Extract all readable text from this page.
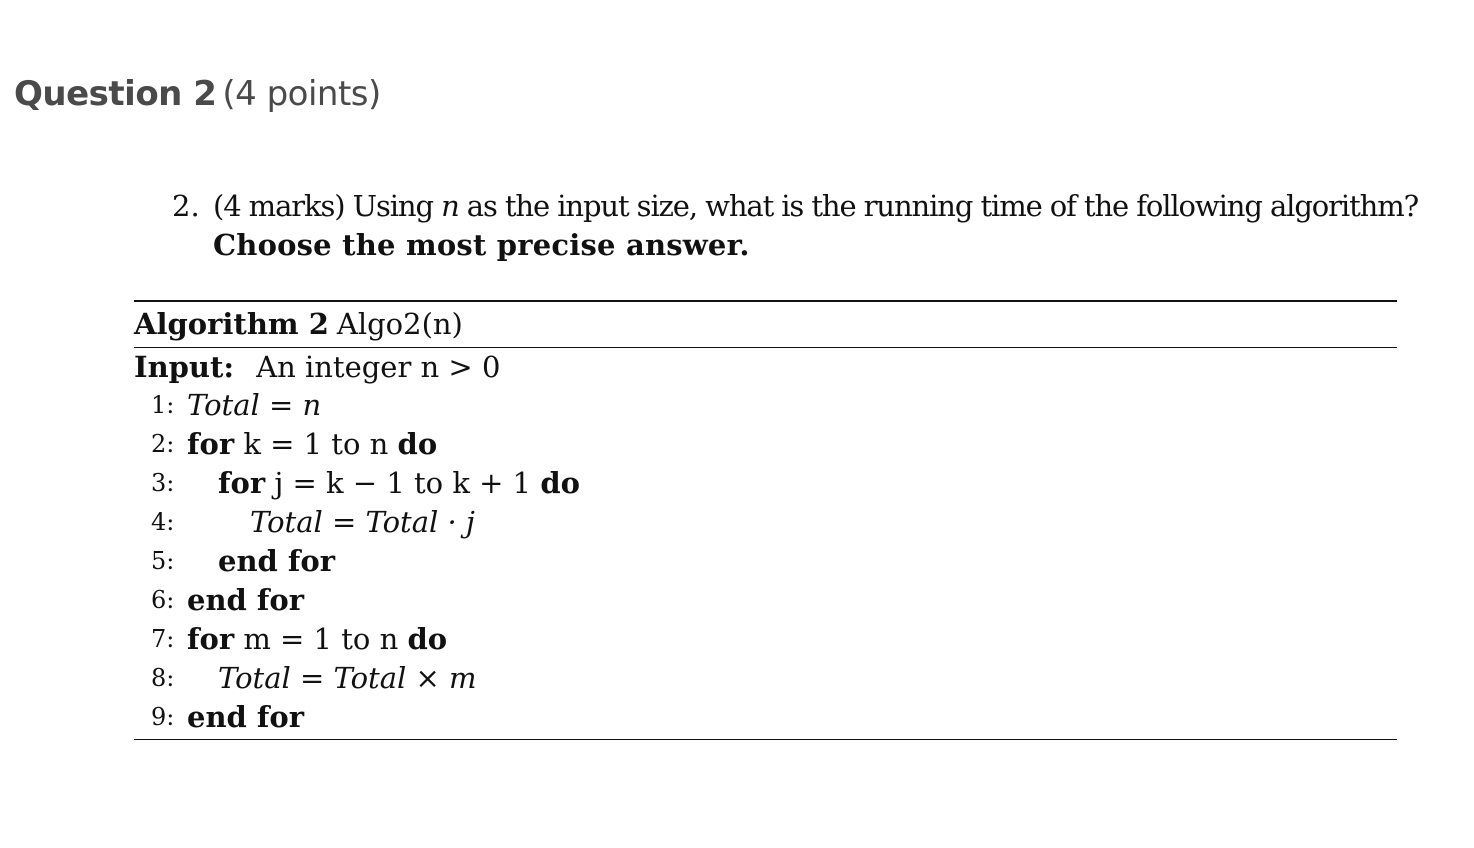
Question 2 (4 points)
2. (4 marks) Using n as the input size, what is the running time of the following algorithm?
Choose the most precise answer.
Algorithm 2 Algo2(n)
Input: An integer n > 0
1: Total = n
2: for k = 1 to n do
3: for j = k − 1 to k + 1 do
4:	Total = Total · j
5: end for
6: end for
7: for m = 1 to n do
8: Total = Total × m
9: end for
